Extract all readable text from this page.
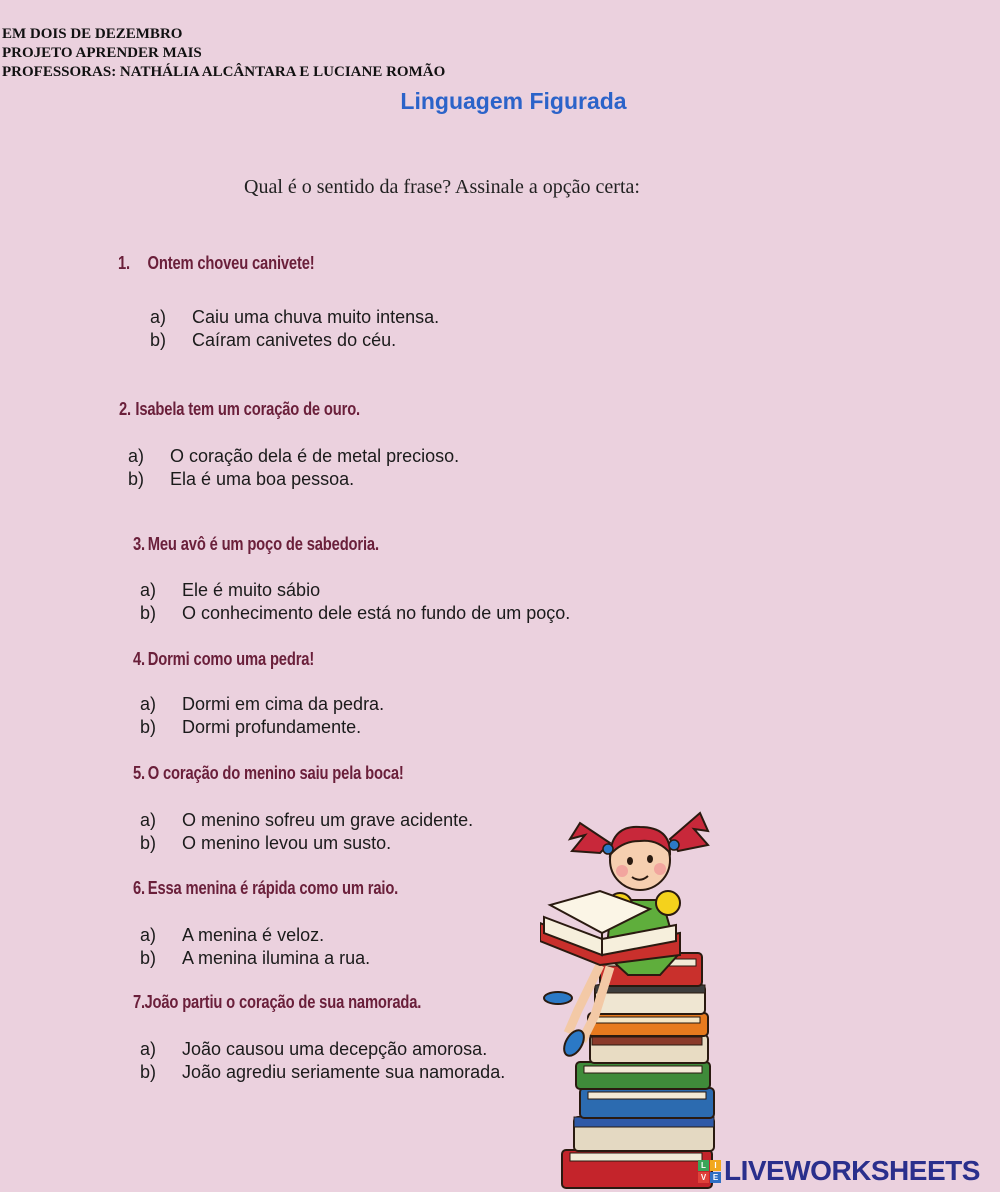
EM DOIS DE DEZEMBRO
PROJETO APRENDER MAIS
PROFESSORAS: NATHÁLIA ALCÂNTARA E LUCIANE ROMÃO
Linguagem Figurada
Qual é o sentido da frase? Assinale a opção certa:
1. Ontem choveu canivete!
a) Caiu uma chuva muito intensa.
b) Caíram canivetes do céu.
2. Isabela tem um coração de ouro.
a) O coração dela é de metal precioso.
b) Ela é uma boa pessoa.
3. Meu avô é um poço de sabedoria.
a) Ele é muito sábio
b) O conhecimento dele está no fundo de um poço.
4. Dormi como uma pedra!
a) Dormi em cima da pedra.
b) Dormi profundamente.
5. O coração do menino saiu pela boca!
a) O menino sofreu um grave acidente.
b) O menino levou um susto.
6. Essa menina é rápida como um raio.
a) A menina é veloz.
b) A menina ilumina a rua.
7.João partiu o coração de sua namorada.
a) João causou uma decepção amorosa.
b) João agrediu seriamente sua namorada.
L	I
V E LIVEWORKSHEETS
